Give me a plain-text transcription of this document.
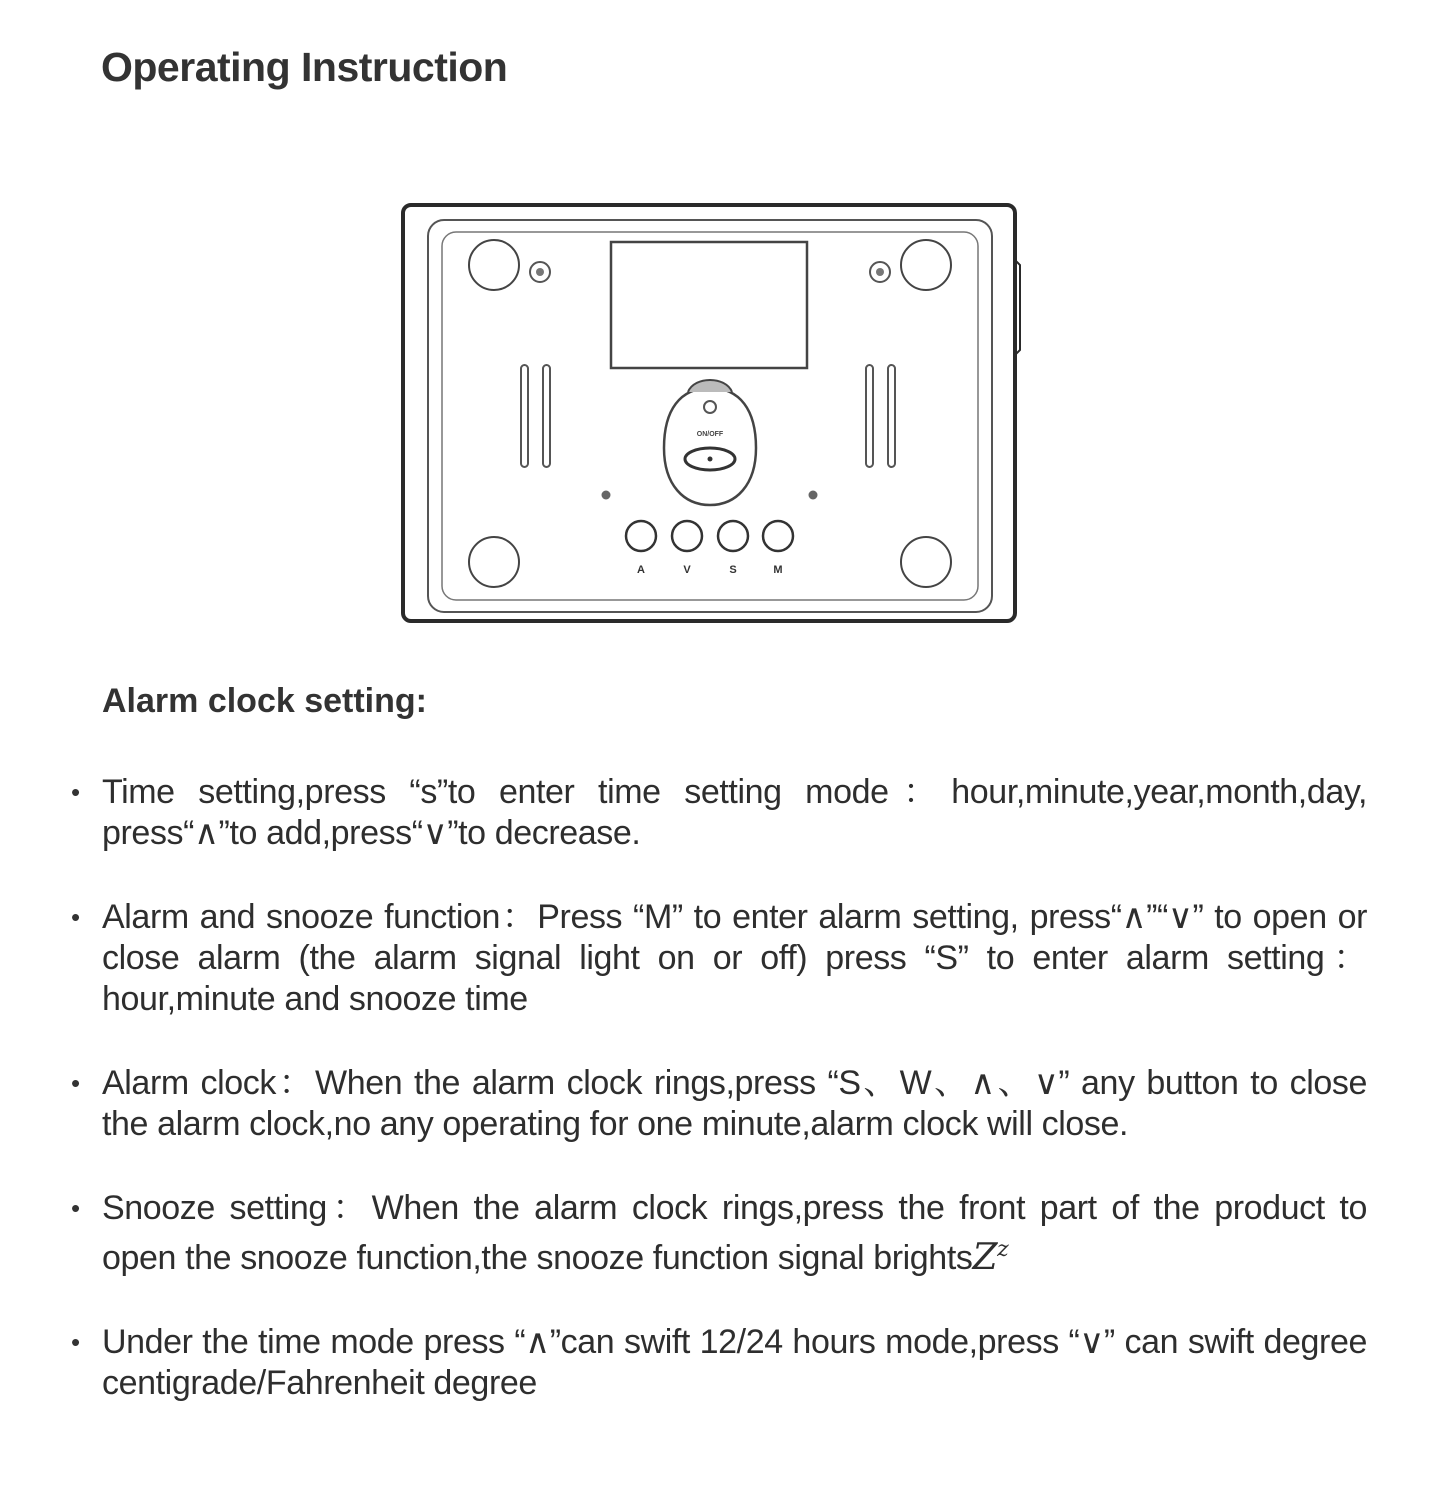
Operating Instruction
ON/OFF
A	V	S	M
Alarm clock setting:
• Time setting,press “s”to enter time setting mode：hour,minute,year,month,day, press“∧”to add,press“∨”to decrease.
• Alarm and snooze function：Press “M” to enter alarm setting, press“∧”“∨” to open or close alarm (the alarm signal light on or off) press “S” to enter alarm setting：hour,minute and snooze time
• Alarm clock：When the alarm clock rings,press “S、W、∧、∨” any button to close the alarm clock,no any operating for one minute,alarm clock will close.
• Snooze setting：When the alarm clock rings,press the front part of the product to open the snooze function,the snooze function signal brightsZ$^z$
• Under the time mode press “∧”can swift 12/24 hours mode,press “∨” can swift degree centigrade/Fahrenheit degree
